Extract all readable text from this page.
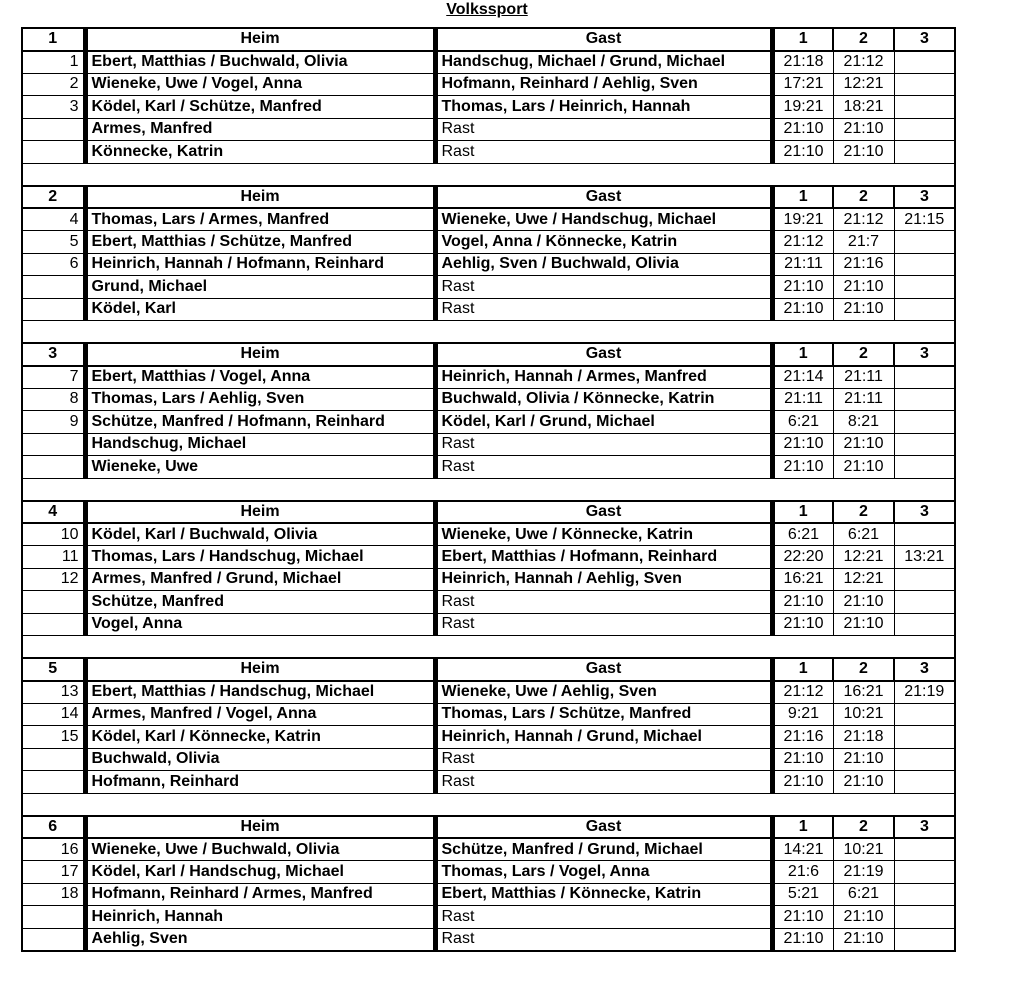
Volkssport
1	Heim	Gast	1	2	3
1	Ebert, Matthias / Buchwald, Olivia	Handschug, Michael / Grund, Michael	21:18	21:12	
2	Wieneke, Uwe / Vogel, Anna	Hofmann, Reinhard / Aehlig, Sven	17:21	12:21	
3	Ködel, Karl / Schütze, Manfred	Thomas, Lars / Heinrich, Hannah	19:21	18:21	
	Armes, Manfred	Rast	21:10	21:10	
	Könnecke, Katrin	Rast	21:10	21:10	

2	Heim	Gast	1	2	3
4	Thomas, Lars / Armes, Manfred	Wieneke, Uwe / Handschug, Michael	19:21	21:12	21:15
5	Ebert, Matthias / Schütze, Manfred	Vogel, Anna / Könnecke, Katrin	21:12	21:7	
6	Heinrich, Hannah / Hofmann, Reinhard	Aehlig, Sven / Buchwald, Olivia	21:11	21:16	
	Grund, Michael	Rast	21:10	21:10	
	Ködel, Karl	Rast	21:10	21:10	

3	Heim	Gast	1	2	3
7	Ebert, Matthias / Vogel, Anna	Heinrich, Hannah / Armes, Manfred	21:14	21:11	
8	Thomas, Lars / Aehlig, Sven	Buchwald, Olivia / Könnecke, Katrin	21:11	21:11	
9	Schütze, Manfred / Hofmann, Reinhard	Ködel, Karl / Grund, Michael	6:21	8:21	
	Handschug, Michael	Rast	21:10	21:10	
	Wieneke, Uwe	Rast	21:10	21:10	

4	Heim	Gast	1	2	3
10	Ködel, Karl / Buchwald, Olivia	Wieneke, Uwe / Könnecke, Katrin	6:21	6:21	
11	Thomas, Lars / Handschug, Michael	Ebert, Matthias / Hofmann, Reinhard	22:20	12:21	13:21
12	Armes, Manfred / Grund, Michael	Heinrich, Hannah / Aehlig, Sven	16:21	12:21	
	Schütze, Manfred	Rast	21:10	21:10	
	Vogel, Anna	Rast	21:10	21:10	

5	Heim	Gast	1	2	3
13	Ebert, Matthias / Handschug, Michael	Wieneke, Uwe / Aehlig, Sven	21:12	16:21	21:19
14	Armes, Manfred / Vogel, Anna	Thomas, Lars / Schütze, Manfred	9:21	10:21	
15	Ködel, Karl / Könnecke, Katrin	Heinrich, Hannah / Grund, Michael	21:16	21:18	
	Buchwald, Olivia	Rast	21:10	21:10	
	Hofmann, Reinhard	Rast	21:10	21:10	

6	Heim	Gast	1	2	3
16	Wieneke, Uwe / Buchwald, Olivia	Schütze, Manfred / Grund, Michael	14:21	10:21	
17	Ködel, Karl / Handschug, Michael	Thomas, Lars / Vogel, Anna	21:6	21:19	
18	Hofmann, Reinhard / Armes, Manfred	Ebert, Matthias / Könnecke, Katrin	5:21	6:21	
	Heinrich, Hannah	Rast	21:10	21:10	
	Aehlig, Sven	Rast	21:10	21:10	
